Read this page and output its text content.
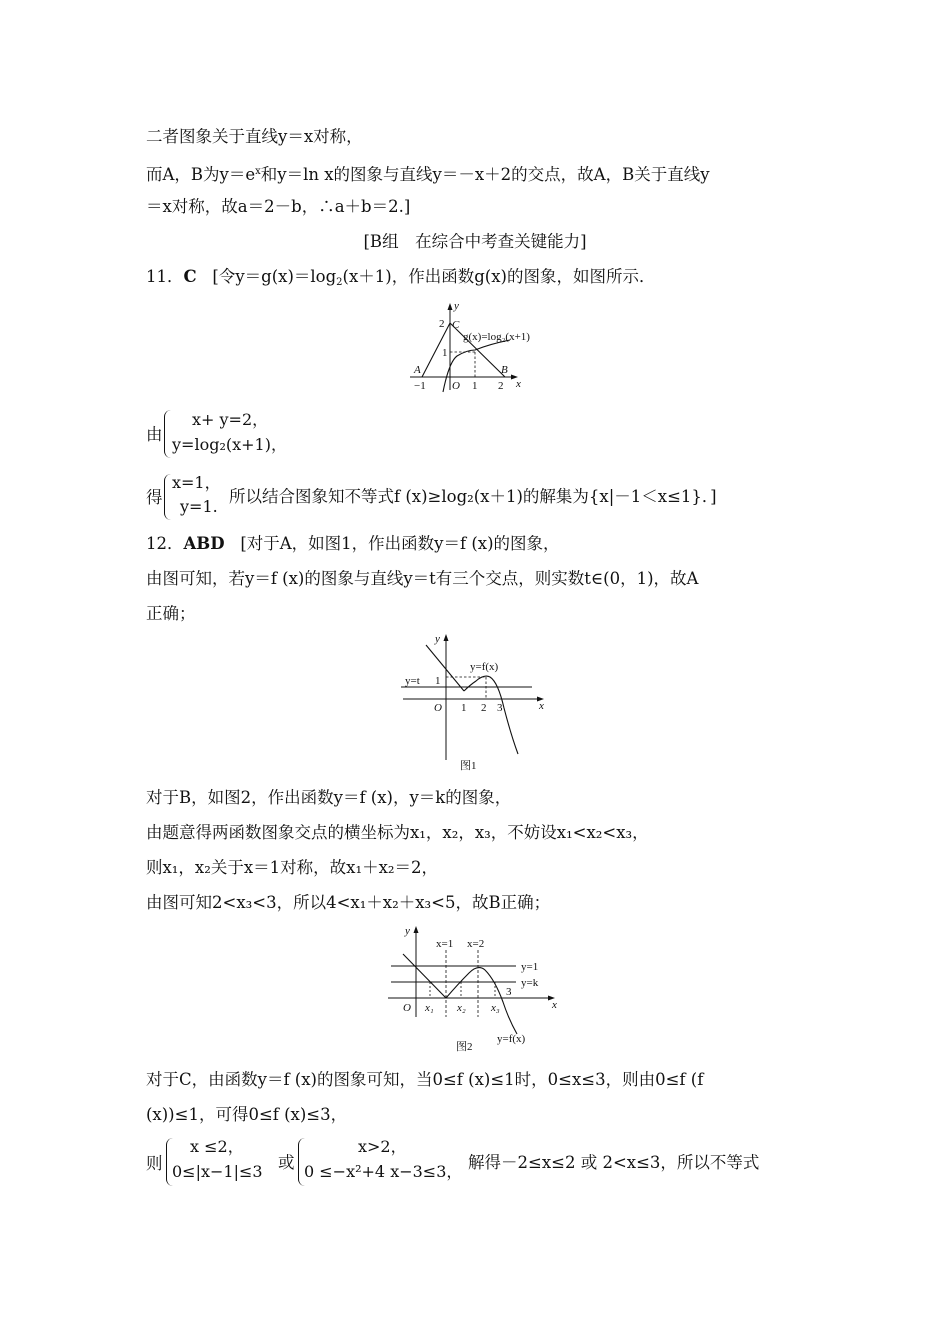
二者图象关于直线y＝x对称，
而A，B为$y=e^x$和y＝ln x的图象与直线y＝－x＋2的交点，故A，B关于直线y
＝x对称，故a＝2－b，∴a＋b＝2.]
[B组　在综合中考查关键能力]
11．C [令$y=g(x)=\log_2(x+1)$，作出函数g(x)的图象，如图所示．
y
2 C
g(x)=log₂(x+1)
1
A
−1 O 1 2
B
x
由
x+ y=2，
y=log₂(x+1)，
得
x=1，
y=1.
所以结合图象知不等式f (x)≥log₂(x＋1)的解集为{x|－1＜x≤1}．]
12．ABD [对于A，如图1，作出函数y＝f (x)的图象，
由图可知，若y＝f (x)的图象与直线y＝t有三个交点，则实数t∈(0，1)，故A
正确；
y
y=f(x)
y=t 1
O 1 2 3	x
图1
对于B，如图2，作出函数y＝f (x)，y＝k的图象，
由题意得两函数图象交点的横坐标为x₁，x₂，x₃，不妨设x₁<x₂<x₃，
则x₁，x₂关于x＝1对称，故x₁＋x₂＝2，
由图可知2<x₃<3，所以4<x₁＋x₂＋x₃<5，故B正确；
y
x=1 x=2
y=1
y=k
3
x
O x₁ x₂ x₃
y=f(x)
图2
对于C，由函数y＝f (x)的图象可知，当0≤f (x)≤1时，0≤x≤3，则由0≤f (f
(x))≤1，可得0≤f (x)≤3，
则
x ≤2，
0≤|x−1|≤3 或
x>2，
0 ≤−x²+4 x−3≤3， 解得－2≤x≤2 或 2<x≤3，所以不等式
